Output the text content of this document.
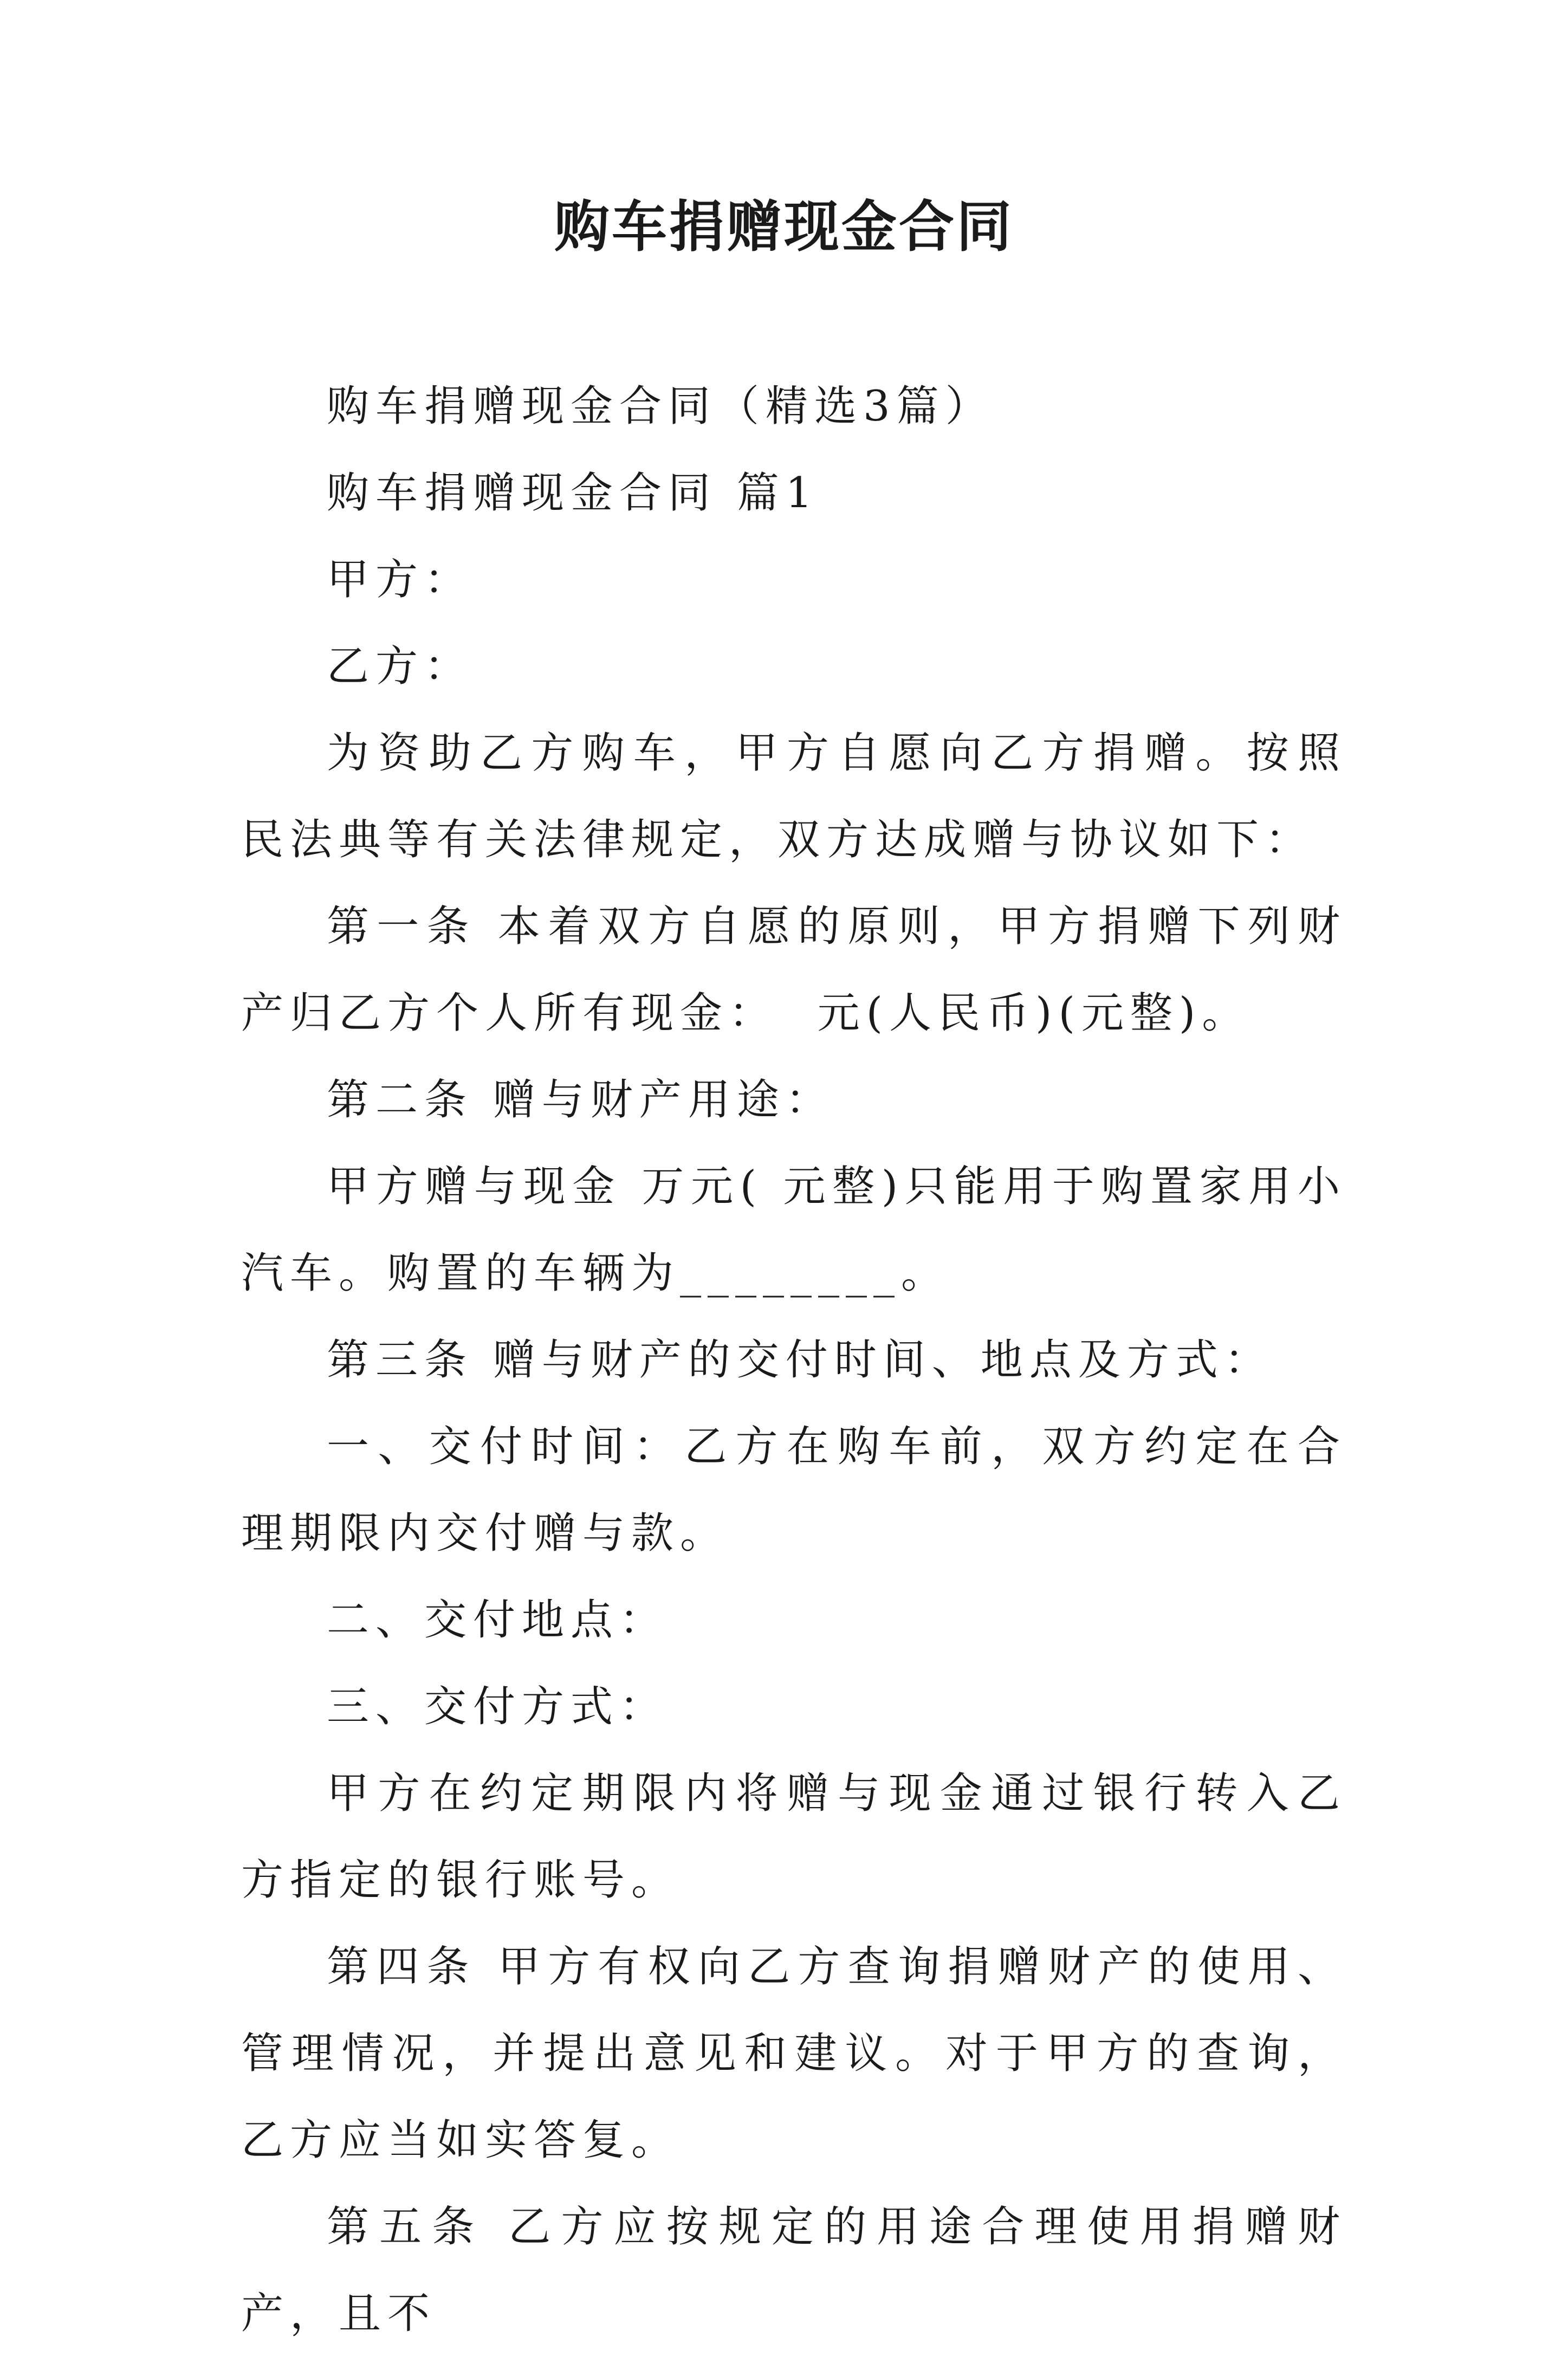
购车捐赠现金合同

购车捐赠现金合同（精选3篇）

购车捐赠现金合同 篇1

甲方：

乙方：

为资助乙方购车，甲方自愿向乙方捐赠。按照民法典等有关法律规定，双方达成赠与协议如下：

第一条 本着双方自愿的原则，甲方捐赠下列财产归乙方个人所有现金：  元(人民币)(元整)。

第二条 赠与财产用途：

甲方赠与现金 万元( 元整)只能用于购置家用小汽车。购置的车辆为________。

第三条 赠与财产的交付时间、地点及方式：

一、交付时间：乙方在购车前，双方约定在合理期限内交付赠与款。

二、交付地点：

三、交付方式：

甲方在约定期限内将赠与现金通过银行转入乙方指定的银行账号。

第四条 甲方有权向乙方查询捐赠财产的使用、管理情况，并提出意见和建议。对于甲方的查询，乙方应当如实答复。

第五条 乙方应按规定的用途合理使用捐赠财产，且不
